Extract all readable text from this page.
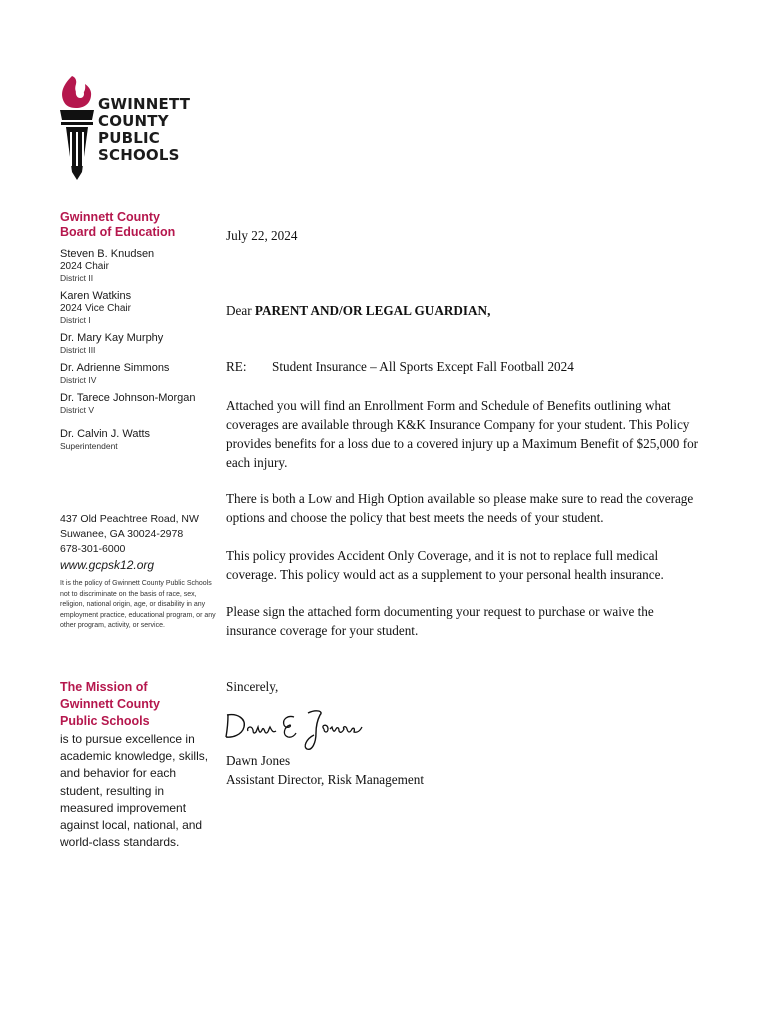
GWINNETT
COUNTY
PUBLIC
SCHOOLS
Gwinnett County
Board of Education
Steven B. Knudsen
2024 Chair
District II
Karen Watkins
2024 Vice Chair
District I
Dr. Mary Kay Murphy
District III
Dr. Adrienne Simmons
District IV
Dr. Tarece Johnson-Morgan
District V
Dr. Calvin J. Watts
Superintendent
437 Old Peachtree Road, NW
Suwanee, GA 30024-2978
678-301-6000
www.gcpsk12.org
It is the policy of Gwinnett County Public Schools not to discriminate on the basis of race, sex, religion, national origin, age, or disability in any employment practice, educational program, or any other program, activity, or service.
The Mission of
Gwinnett County
Public Schools
is to pursue excellence in academic knowledge, skills, and behavior for each student, resulting in measured improvement against local, national, and world-class standards.
July 22, 2024
Dear PARENT AND/OR LEGAL GUARDIAN,
RE: Student Insurance – All Sports Except Fall Football 2024
Attached you will find an Enrollment Form and Schedule of Benefits outlining what coverages are available through K&K Insurance Company for your student. This Policy provides benefits for a loss due to a covered injury up a Maximum Benefit of $25,000 for each injury.
There is both a Low and High Option available so please make sure to read the coverage options and choose the policy that best meets the needs of your student.
This policy provides Accident Only Coverage, and it is not to replace full medical coverage. This policy would act as a supplement to your personal health insurance.
Please sign the attached form documenting your request to purchase or waive the insurance coverage for your student.
Sincerely,
Dawn Jones
Assistant Director, Risk Management
